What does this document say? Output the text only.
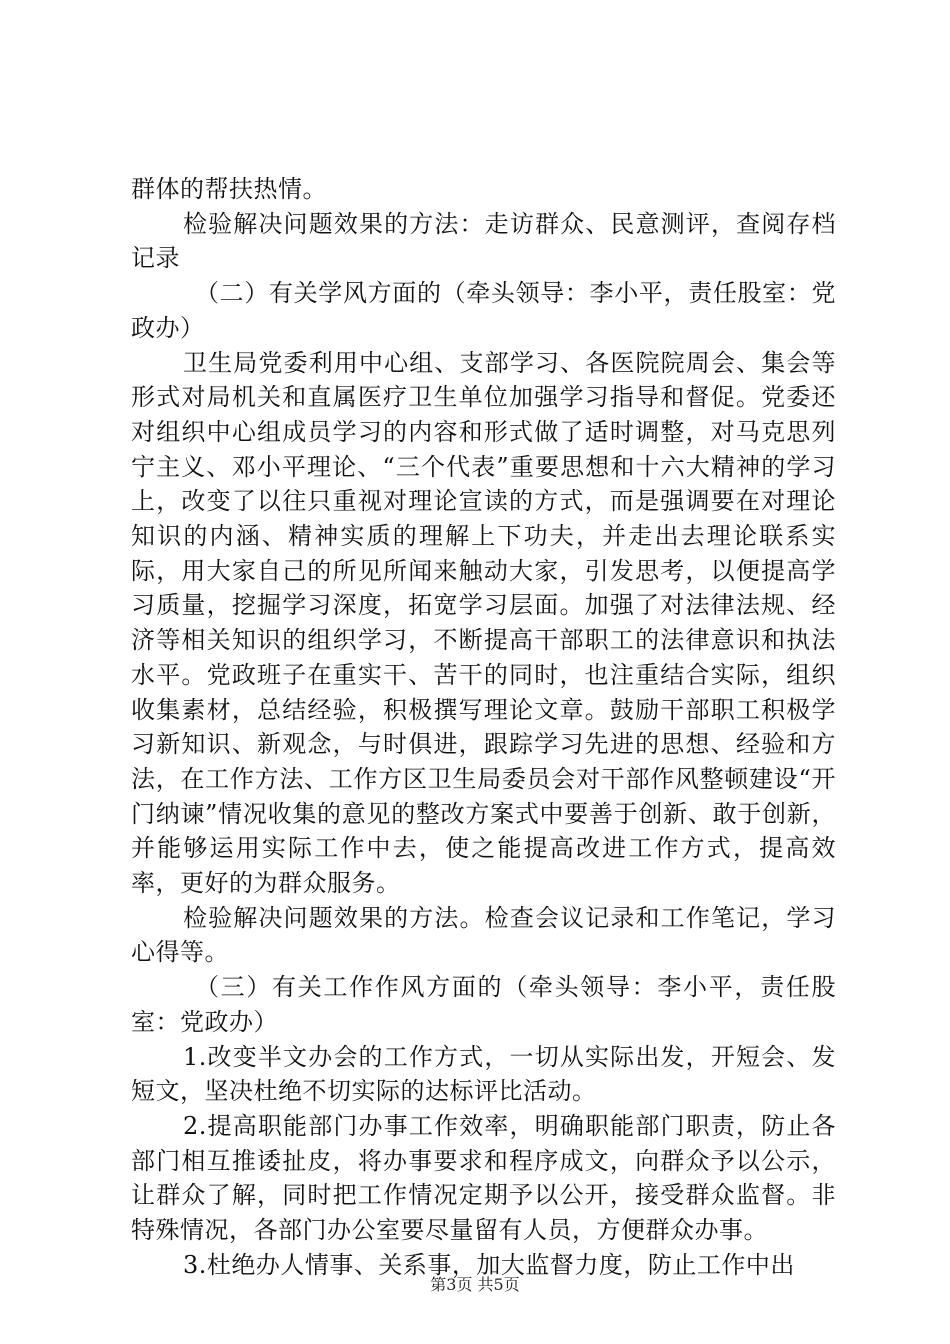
群体的帮扶热情。

检验解决问题效果的方法：走访群众、民意测评，查阅存档记录

（二）有关学风方面的（牵头领导：李小平，责任股室：党政办）

卫生局党委利用中心组、支部学习、各医院院周会、集会等形式对局机关和直属医疗卫生单位加强学习指导和督促。党委还对组织中心组成员学习的内容和形式做了适时调整，对马克思列宁主义、邓小平理论、“三个代表”重要思想和十六大精神的学习上，改变了以往只重视对理论宣读的方式，而是强调要在对理论知识的内涵、精神实质的理解上下功夫，并走出去理论联系实际，用大家自己的所见所闻来触动大家，引发思考，以便提高学习质量，挖掘学习深度，拓宽学习层面。加强了对法律法规、经济等相关知识的组织学习，不断提高干部职工的法律意识和执法水平。党政班子在重实干、苦干的同时，也注重结合实际，组织收集素材，总结经验，积极撰写理论文章。鼓励干部职工积极学习新知识、新观念，与时俱进，跟踪学习先进的思想、经验和方法，在工作方法、工作方区卫生局委员会对干部作风整顿建设“开门纳谏”情况收集的意见的整改方案式中要善于创新、敢于创新，并能够运用实际工作中去，使之能提高改进工作方式，提高效率，更好的为群众服务。

检验解决问题效果的方法。检查会议记录和工作笔记，学习心得等。

（三）有关工作作风方面的（牵头领导：李小平，责任股室：党政办）

1.改变半文办会的工作方式，一切从实际出发，开短会、发短文，坚决杜绝不切实际的达标评比活动。

2.提高职能部门办事工作效率，明确职能部门职责，防止各部门相互推诿扯皮，将办事要求和程序成文，向群众予以公示，让群众了解，同时把工作情况定期予以公开，接受群众监督。非特殊情况，各部门办公室要尽量留有人员，方便群众办事。

3.杜绝办人情事、关系事，加大监督力度，防止工作中出

第3页 共5页
